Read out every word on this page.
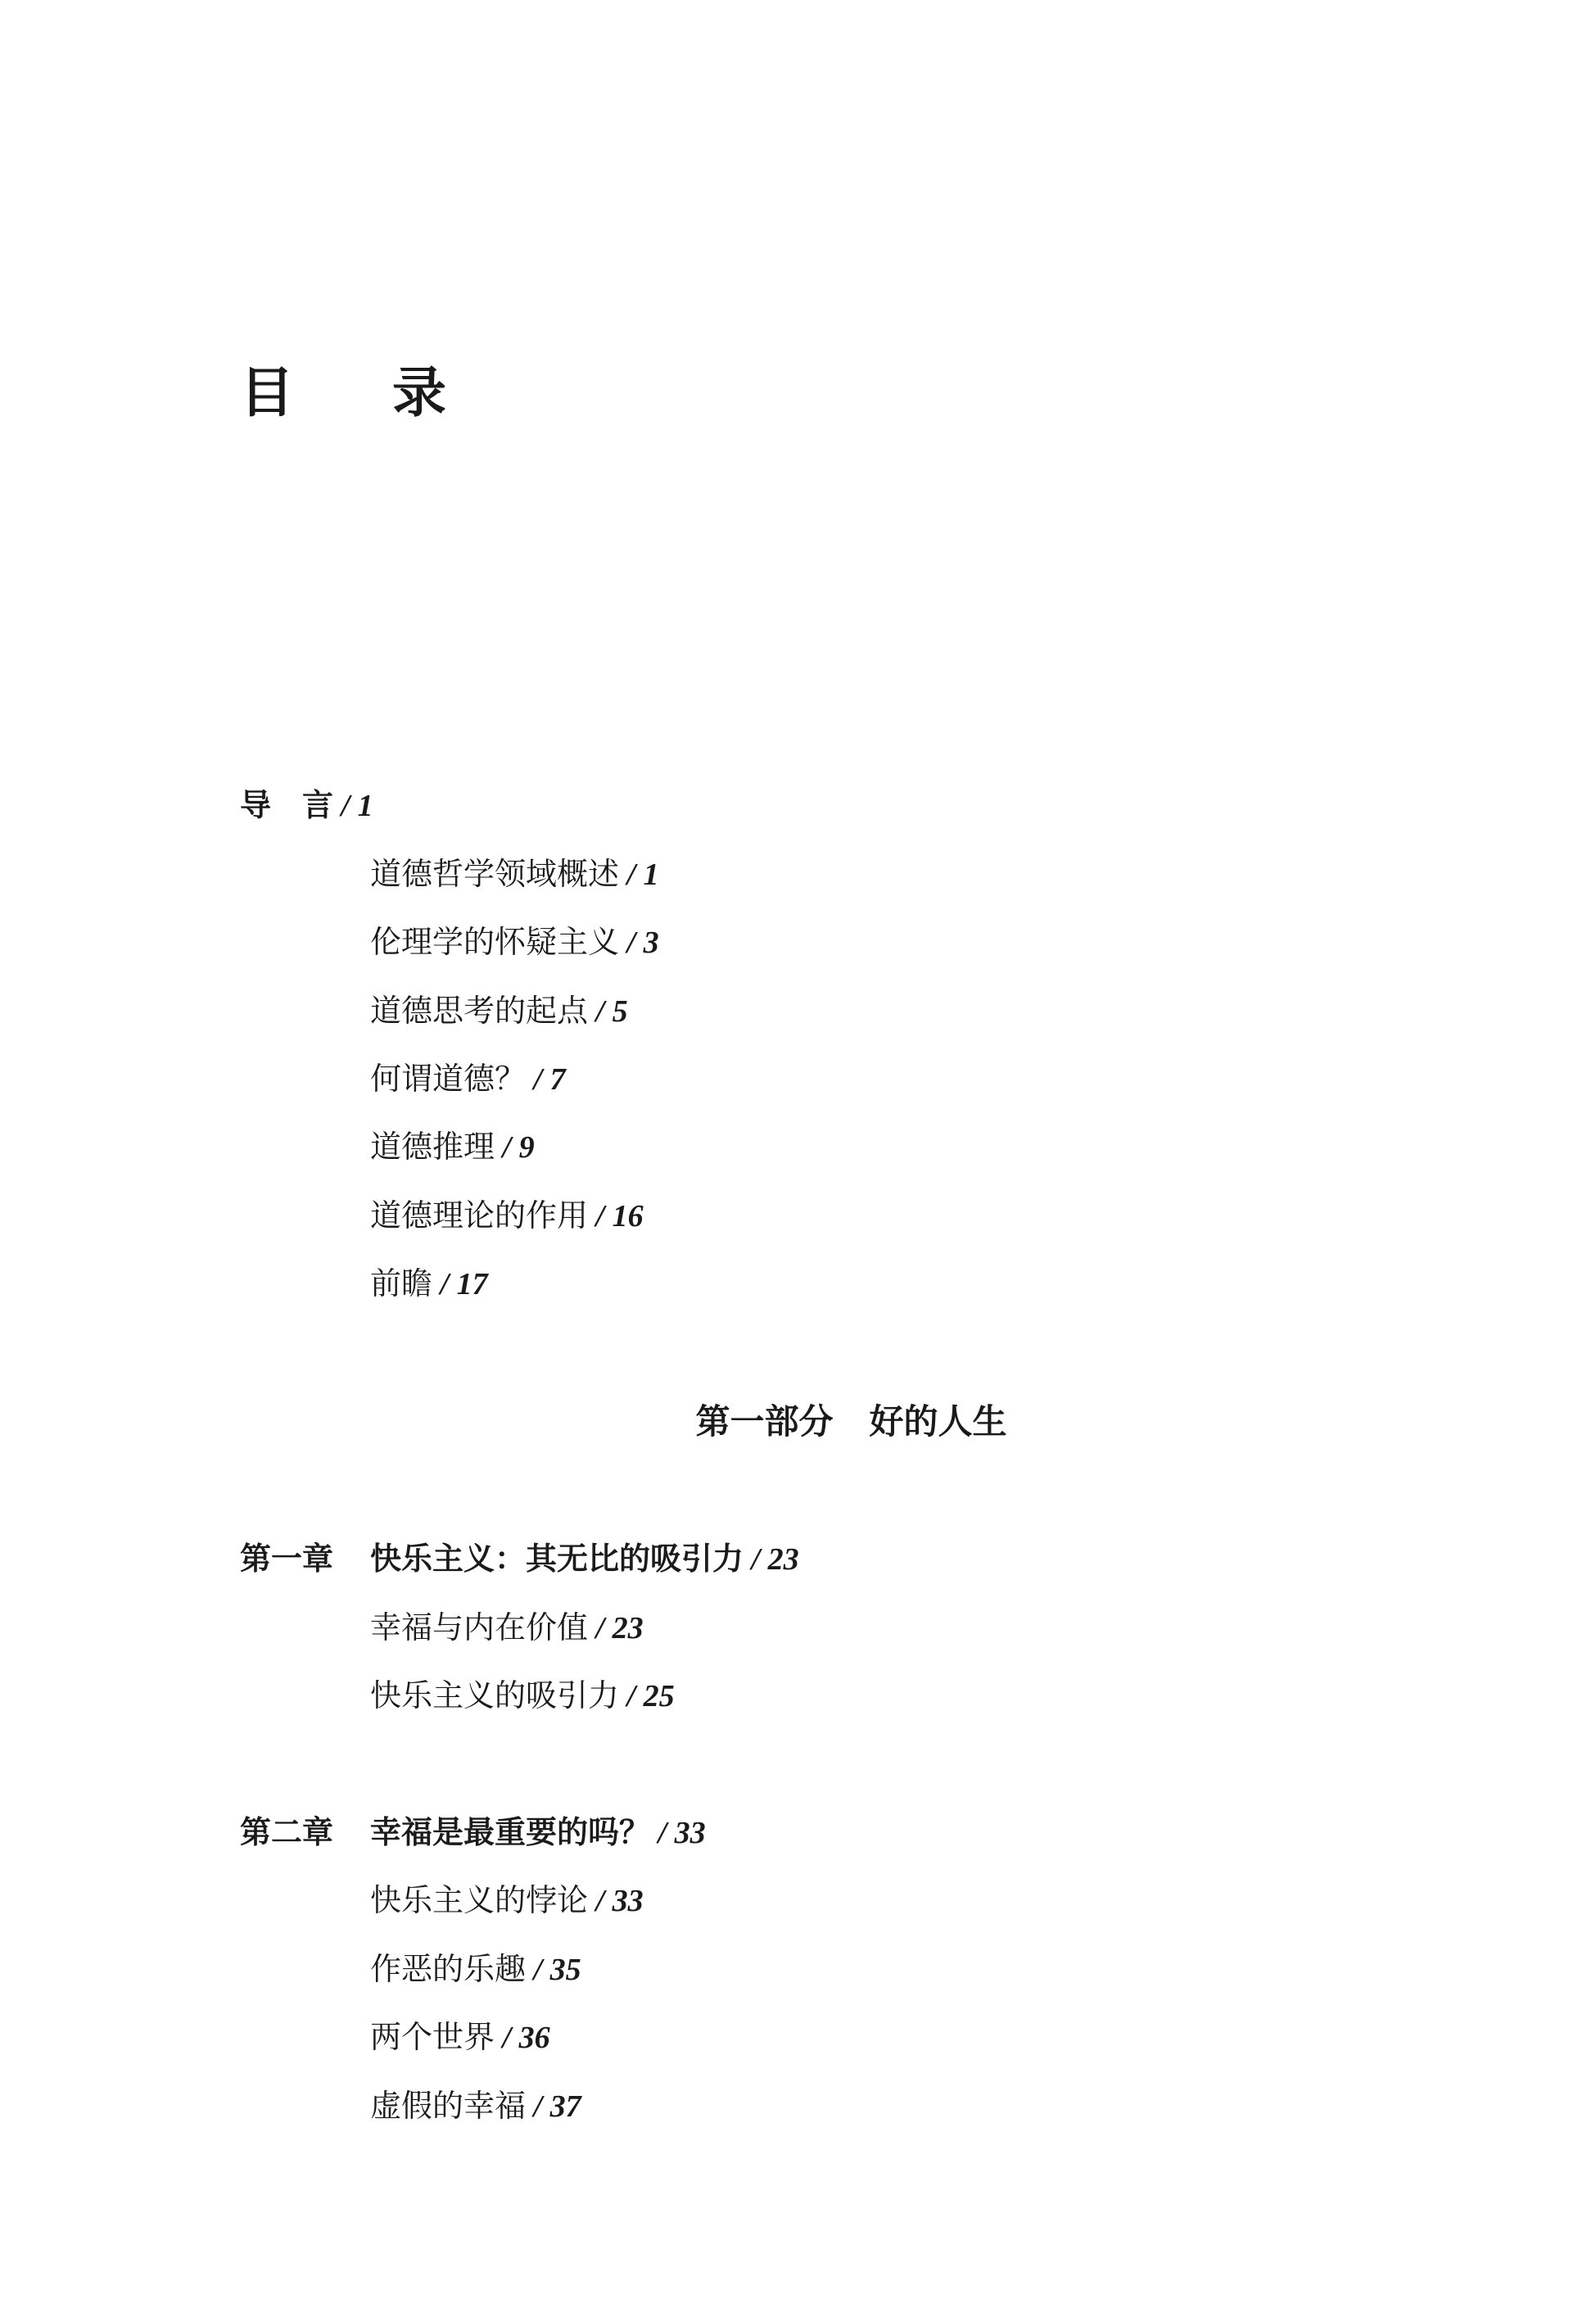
目 录
导　言 / 1
道德哲学领域概述 / 1
伦理学的怀疑主义 / 3
道德思考的起点 / 5
何谓道德？ / 7
道德推理 / 9
道德理论的作用 / 16
前瞻 / 17
第一部分 好的人生
第一章 快乐主义：其无比的吸引力 / 23
幸福与内在价值 / 23
快乐主义的吸引力 / 25
第二章 幸福是最重要的吗？ / 33
快乐主义的悖论 / 33
作恶的乐趣 / 35
两个世界 / 36
虚假的幸福 / 37
